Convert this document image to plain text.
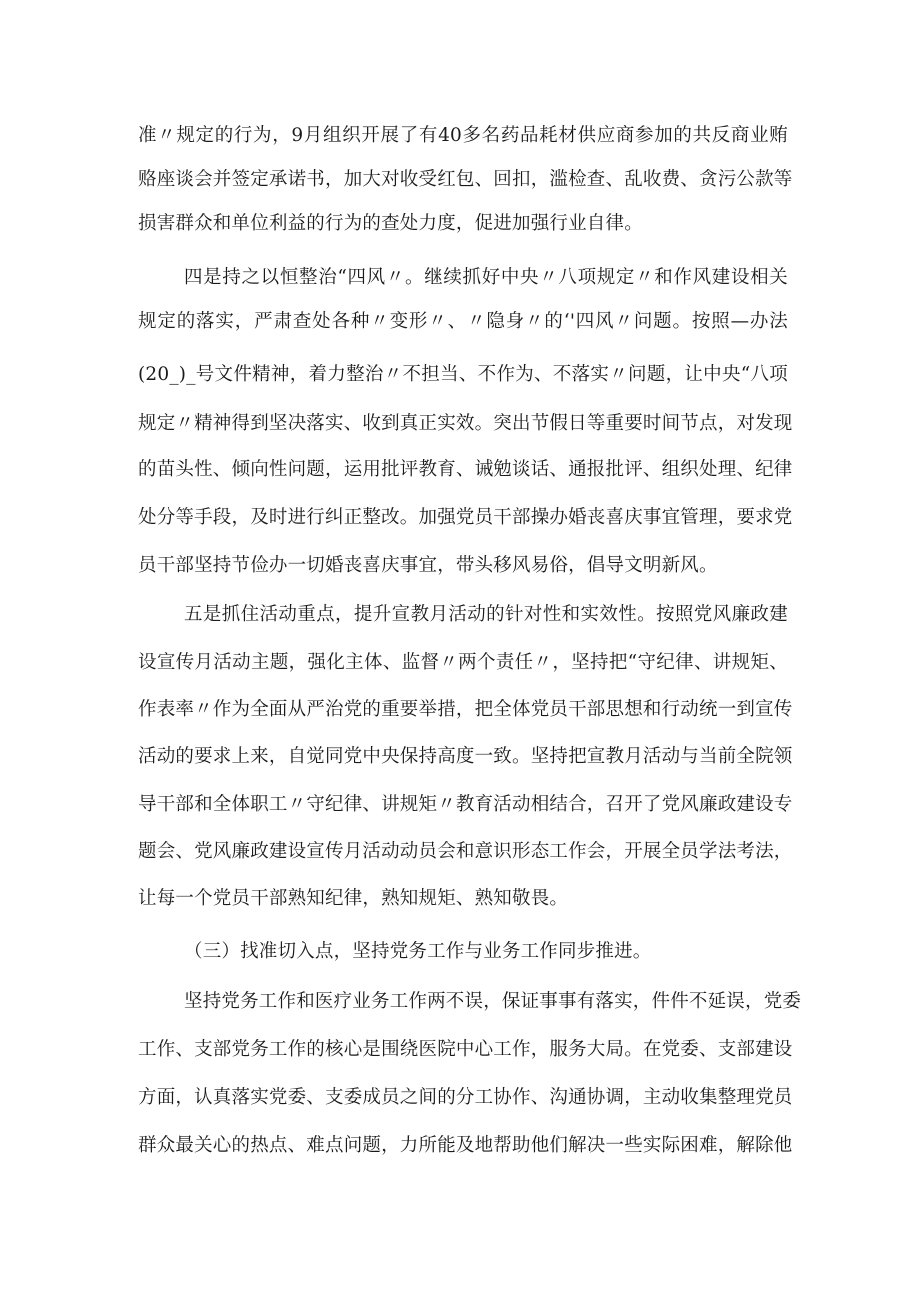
准〃规定的行为，9月组织开展了有40多名药品耗材供应商参加的共反商业贿
赂座谈会并签定承诺书，加大对收受红包、回扣，滥检查、乱收费、贪污公款等
损害群众和单位利益的行为的查处力度，促进加强行业自律。
四是持之以恒整治“四风〃。继续抓好中央〃八项规定〃和作风建设相关
规定的落实，严肃查处各种〃变形〃、〃隐身〃的‘'四风〃问题。按照—办法
(20_)_号文件精神，着力整治〃不担当、不作为、不落实〃问题，让中央“八项
规定〃精神得到坚决落实、收到真正实效。突出节假日等重要时间节点，对发现
的苗头性、倾向性问题，运用批评教育、诫勉谈话、通报批评、组织处理、纪律
处分等手段，及时进行纠正整改。加强党员干部操办婚丧喜庆事宜管理，要求党
员干部坚持节俭办一切婚丧喜庆事宜，带头移风易俗，倡导文明新风。
五是抓住活动重点，提升宣教月活动的针对性和实效性。按照党风廉政建
设宣传月活动主题，强化主体、监督〃两个责任〃，坚持把“守纪律、讲规矩、
作表率〃作为全面从严治党的重要举措，把全体党员干部思想和行动统一到宣传
活动的要求上来，自觉同党中央保持高度一致。坚持把宣教月活动与当前全院领
导干部和全体职工〃守纪律、讲规矩〃教育活动相结合，召开了党风廉政建设专
题会、党风廉政建设宣传月活动动员会和意识形态工作会，开展全员学法考法，
让每一个党员干部熟知纪律，熟知规矩、熟知敬畏。
（三）找准切入点，坚持党务工作与业务工作同步推进。
坚持党务工作和医疗业务工作两不误，保证事事有落实，件件不延误，党委
工作、支部党务工作的核心是围绕医院中心工作，服务大局。在党委、支部建设
方面，认真落实党委、支委成员之间的分工协作、沟通协调，主动收集整理党员
群众最关心的热点、难点问题，力所能及地帮助他们解决一些实际困难，解除他
